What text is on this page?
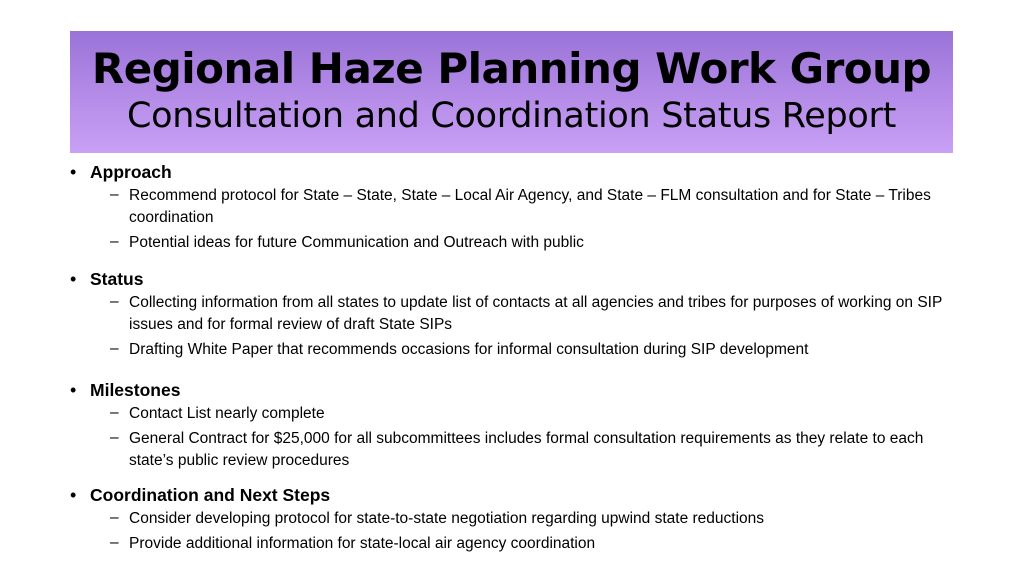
Regional Haze Planning Work Group
Consultation and Coordination Status Report
• Approach
– Recommend protocol for State – State, State – Local Air Agency, and State – FLM consultation and for State – Tribes coordination
– Potential ideas for future Communication and Outreach with public
• Status
– Collecting information from all states to update list of contacts at all agencies and tribes for purposes of working on SIP issues and for formal review of draft State SIPs
– Drafting White Paper that recommends occasions for informal consultation during SIP development
• Milestones
– Contact List nearly complete
– General Contract for $25,000 for all subcommittees includes formal consultation requirements as they relate to each state’s public review procedures
• Coordination and Next Steps
– Consider developing protocol for state-to-state negotiation regarding upwind state reductions
– Provide additional information for state-local air agency coordination
